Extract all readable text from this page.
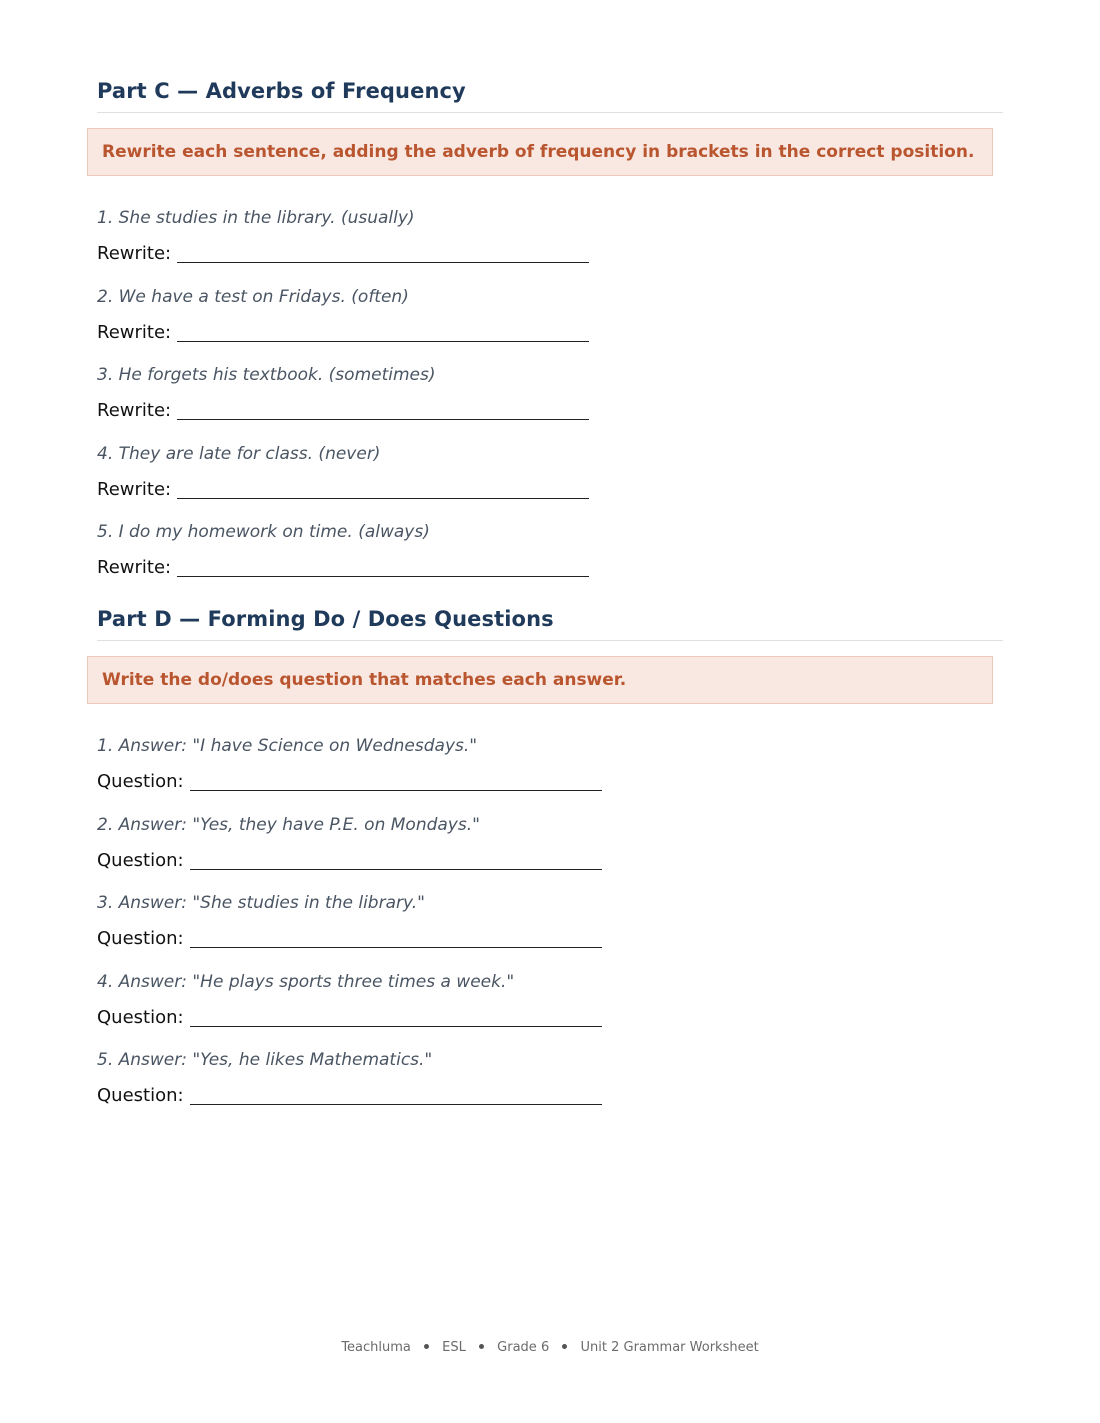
Part C — Adverbs of Frequency
Rewrite each sentence, adding the adverb of frequency in brackets in the correct position.
1. She studies in the library. (usually)
Rewrite:
2. We have a test on Fridays. (often)
Rewrite:
3. He forgets his textbook. (sometimes)
Rewrite:
4. They are late for class. (never)
Rewrite:
5. I do my homework on time. (always)
Rewrite:
Part D — Forming Do / Does Questions
Write the do/does question that matches each answer.
1. Answer: "I have Science on Wednesdays."
Question:
2. Answer: "Yes, they have P.E. on Mondays."
Question:
3. Answer: "She studies in the library."
Question:
4. Answer: "He plays sports three times a week."
Question:
5. Answer: "Yes, he likes Mathematics."
Question:
Teachluma ESL Grade 6 Unit 2 Grammar Worksheet
